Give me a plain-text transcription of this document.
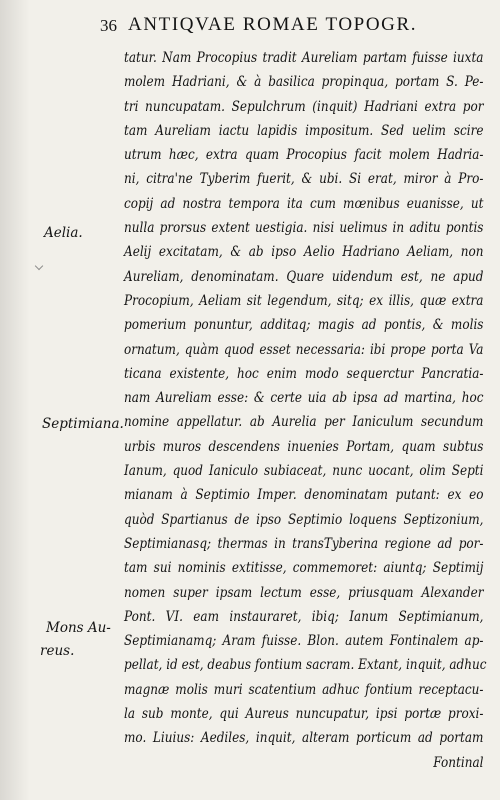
36 ANTIQVAE ROMAE TOPOGR.
Aelia.
Septimiana.
Mons Au-
reus.
tatur. Nam Procopius tradit Aureliam partam fuisse iuxta
molem Hadriani, & à basilica propinqua, portam S. Pe-
tri nuncupatam. Sepulchrum (inquit) Hadriani extra por
tam Aureliam iactu lapidis impositum. Sed uelim scire
utrum hæc, extra quam Procopius facit molem Hadria-
ni, citra'ne Tyberim fuerit, & ubi. Si erat, miror à Pro-
copij ad nostra tempora ita cum mœnibus euanisse, ut
nulla prorsus extent uestigia. nisi uelimus in aditu pontis
Aelij excitatam, & ab ipso Aelio Hadriano Aeliam, non
Aureliam, denominatam. Quare uidendum est, ne apud
Procopium, Aeliam sit legendum, sitq; ex illis, quæ extra
pomerium ponuntur, additaq; magis ad pontis, & molis
ornatum, quàm quod esset necessaria: ibi prope porta Va
ticana existente, hoc enim modo sequerctur Pancratia-
nam Aureliam esse: & certe uia ab ipsa ad martina, hoc
nomine appellatur. ab Aurelia per Ianiculum secundum
urbis muros descendens inuenies Portam, quam subtus
Ianum, quod Ianiculo subiaceat, nunc uocant, olim Septi
mianam à Septimio Imper. denominatam putant: ex eo
quòd Spartianus de ipso Septimio loquens Septizonium,
Septimianasq; thermas in transTyberina regione ad por-
tam sui nominis extitisse, commemoret: aiuntq; Septimij
nomen super ipsam lectum esse, priusquam Alexander
Pont. VI. eam instauraret, ibiq; Ianum Septimianum,
Septimianamq; Aram fuisse. Blon. autem Fontinalem ap-
pellat, id est, deabus fontium sacram. Extant, inquit, adhuc
magnæ molis muri scatentium adhuc fontium receptacu-
la sub monte, qui Aureus nuncupatur, ipsi portæ proxi-
mo. Liuius: Aediles, inquit, alteram porticum ad portam
Fontinal
